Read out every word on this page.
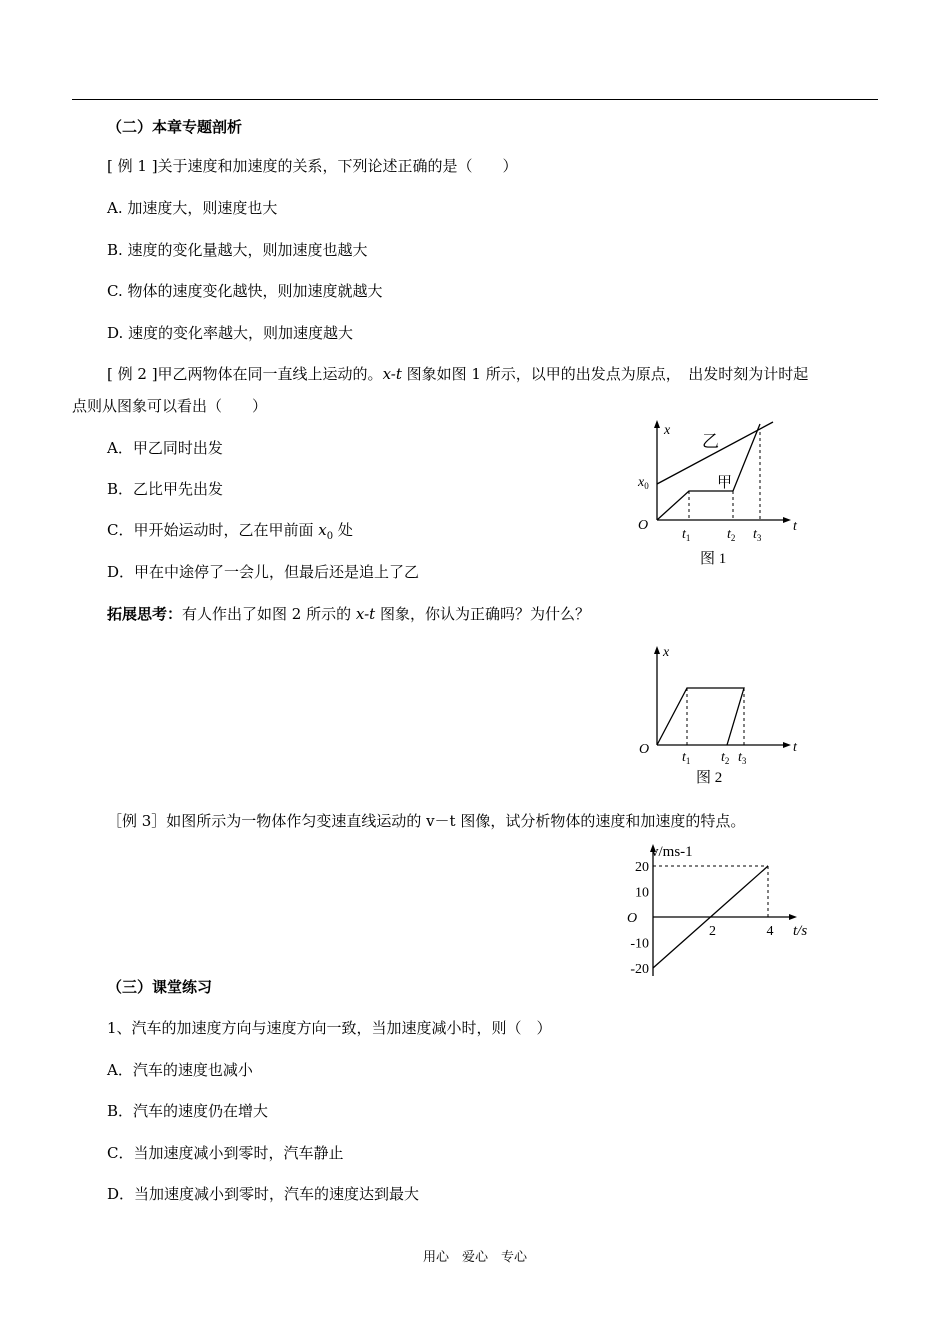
（二）本章专题剖析
[ 例 1 ]关于速度和加速度的关系，下列论述正确的是（　　）
A. 加速度大，则速度也大
B. 速度的变化量越大，则加速度也越大
C. 物体的速度变化越快，则加速度就越大
D. 速度的变化率越大，则加速度越大
[ 例 2 ]甲乙两物体在同一直线上运动的。x-t 图象如图 1 所示，以甲的出发点为原点，　出发时刻为计时起
点则从图象可以看出（　　）
A．甲乙同时出发
B．乙比甲先出发
C．甲开始运动时，乙在甲前面 $x_0$ 处
D．甲在中途停了一会儿，但最后还是追上了乙
拓展思考：有人作出了如图 2 所示的 x-t 图象，你认为正确吗？为什么？
x
t
O
$x_0$
乙
甲
$t_1$	$t_2$ $t_3$
图 1
x
t
O
$t_1$ $t_2$ $t_3$
图 2
［例 3］如图所示为一物体作匀变速直线运动的 v－t 图像，试分析物体的速度和加速度的特点。
v/ms-1
t/s
O
20
10
-10
-20
2	4
（三）课堂练习
1、汽车的加速度方向与速度方向一致，当加速度减小时，则（　）
A．汽车的速度也减小
B．汽车的速度仍在增大
C．当加速度减小到零时，汽车静止
D．当加速度减小到零时，汽车的速度达到最大
用心　爱心　专心
